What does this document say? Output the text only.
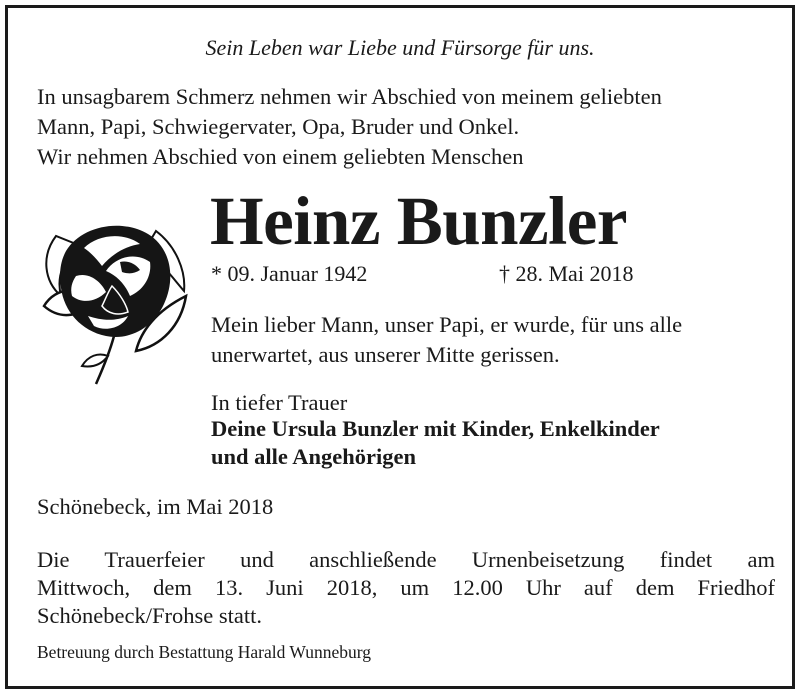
Sein Leben war Liebe und Fürsorge für uns.
In unsagbarem Schmerz nehmen wir Abschied von meinem geliebten
Mann, Papi, Schwiegervater, Opa, Bruder und Onkel.
Wir nehmen Abschied von einem geliebten Menschen
Heinz Bunzler
* 09. Januar 1942	† 28. Mai 2018
Mein lieber Mann, unser Papi, er wurde, für uns alle
unerwartet, aus unserer Mitte gerissen.
In tiefer Trauer
Deine Ursula Bunzler mit Kinder, Enkelkinder
und alle Angehörigen
Schönebeck, im Mai 2018
Die Trauerfeier und anschließende Urnenbeisetzung findet am
Mittwoch, dem 13. Juni 2018, um 12.00 Uhr auf dem Friedhof
Schönebeck/Frohse statt.
Betreuung durch Bestattung Harald Wunneburg
